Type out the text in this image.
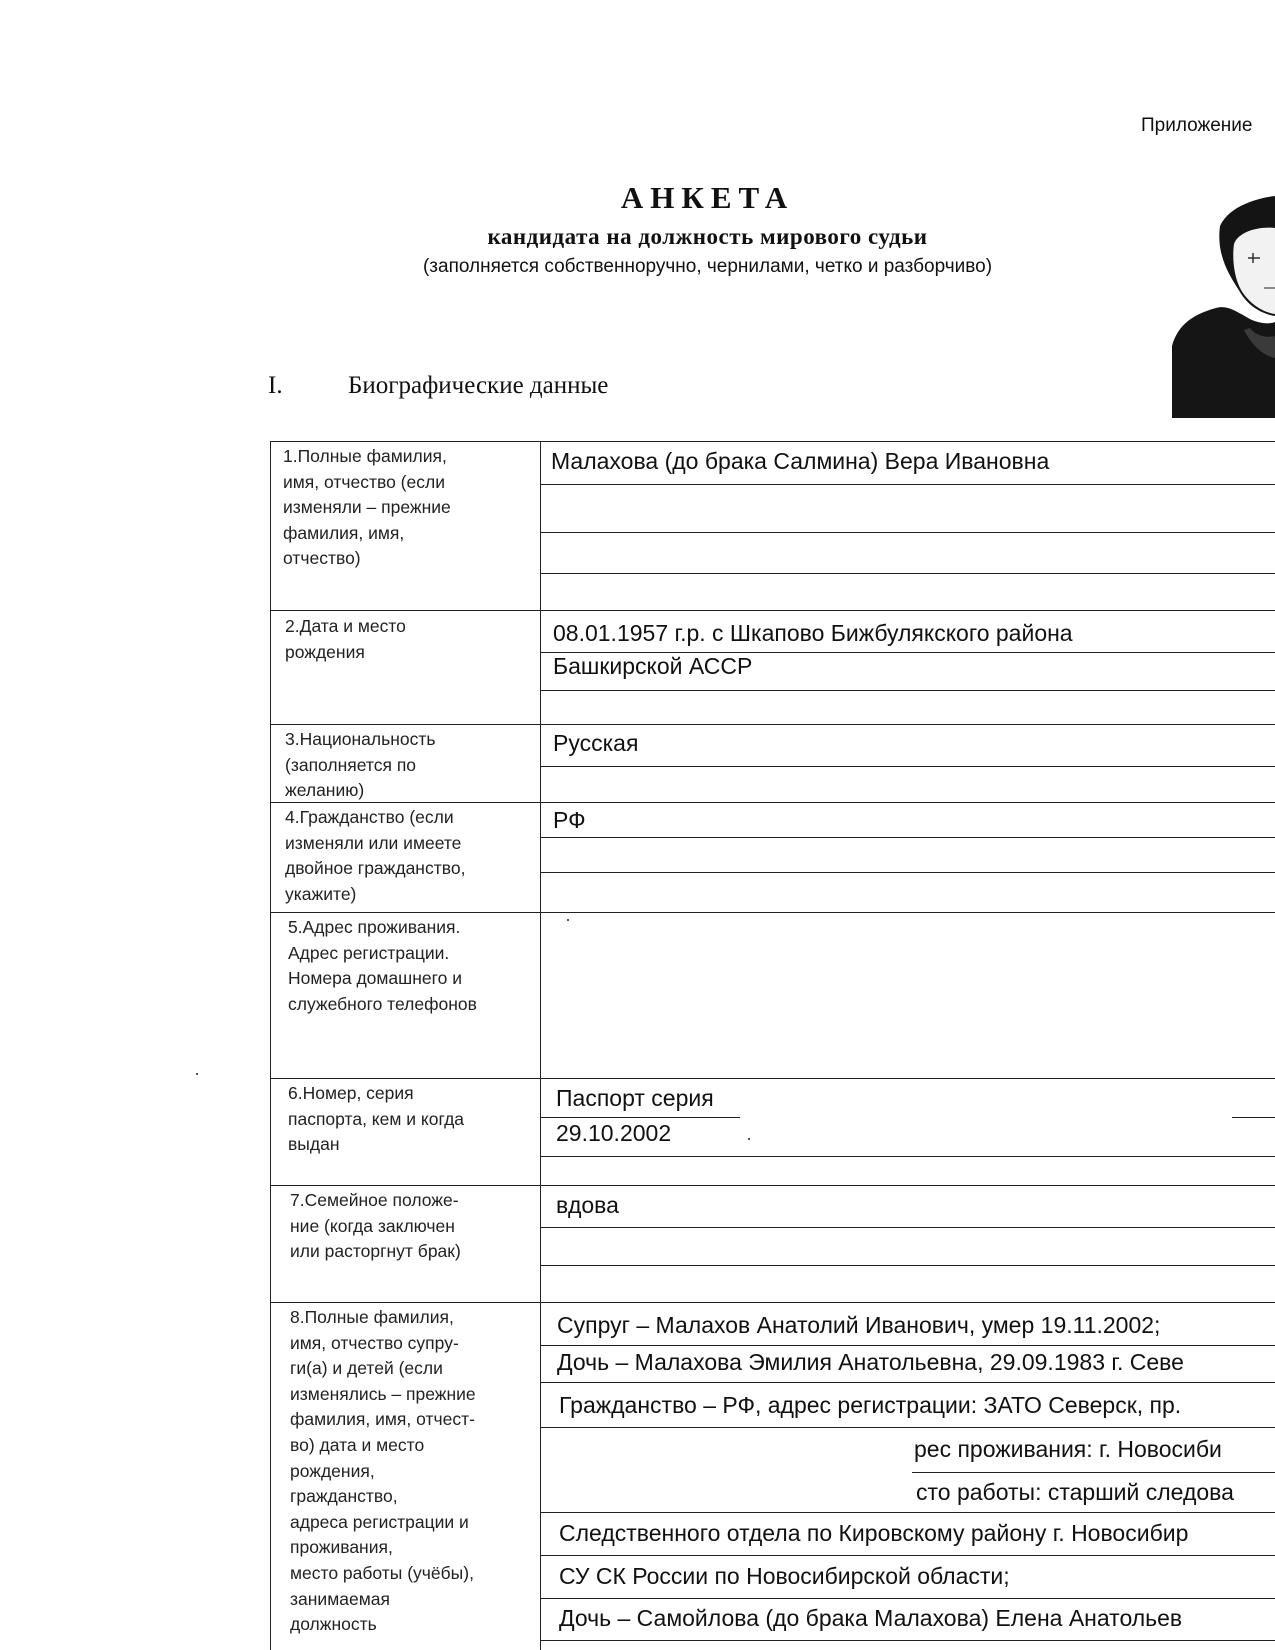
Приложение
АНКЕТА
кандидата на должность мирового судьи
(заполняется собственноручно, чернилами, четко и разборчиво)
I.	Биографические данные
1.Полные фамилия,
имя, отчество (если
изменяли – прежние
фамилия, имя,
отчество)
Малахова (до брака Салмина) Вера Ивановна
2.Дата и место
рождения
08.01.1957 г.р. с Шкапово Бижбулякского района
Башкирской АССР
3.Национальность
(заполняется по
желанию)
Русская
4.Гражданство (если
изменяли или имеете
двойное гражданство,
укажите)
РФ
5.Адрес проживания.
Адрес регистрации.
Номера домашнего и
служебного телефонов
6.Номер, серия
паспорта, кем и когда
выдан
Паспорт серия
29.10.2002
7.Семейное положе-
ние (когда заключен
или расторгнут брак)
вдова
8.Полные фамилия,
имя, отчество супру-
ги(а) и детей (если
изменялись – прежние
фамилия, имя, отчест-
во) дата и место
рождения,
гражданство,
адреса регистрации и
проживания,
место работы (учёбы),
занимаемая
должность
Супруг – Малахов Анатолий Иванович, умер 19.11.2002;
Дочь – Малахова Эмилия Анатольевна, 29.09.1983 г. Севе
Гражданство – РФ, адрес регистрации: ЗАТО Северск, пр.
рес проживания: г. Новосиби
сто работы: старший следова
Следственного отдела по Кировскому району г. Новосибир
СУ СК России по Новосибирской области;
Дочь – Самойлова (до брака Малахова) Елена Анатольев
